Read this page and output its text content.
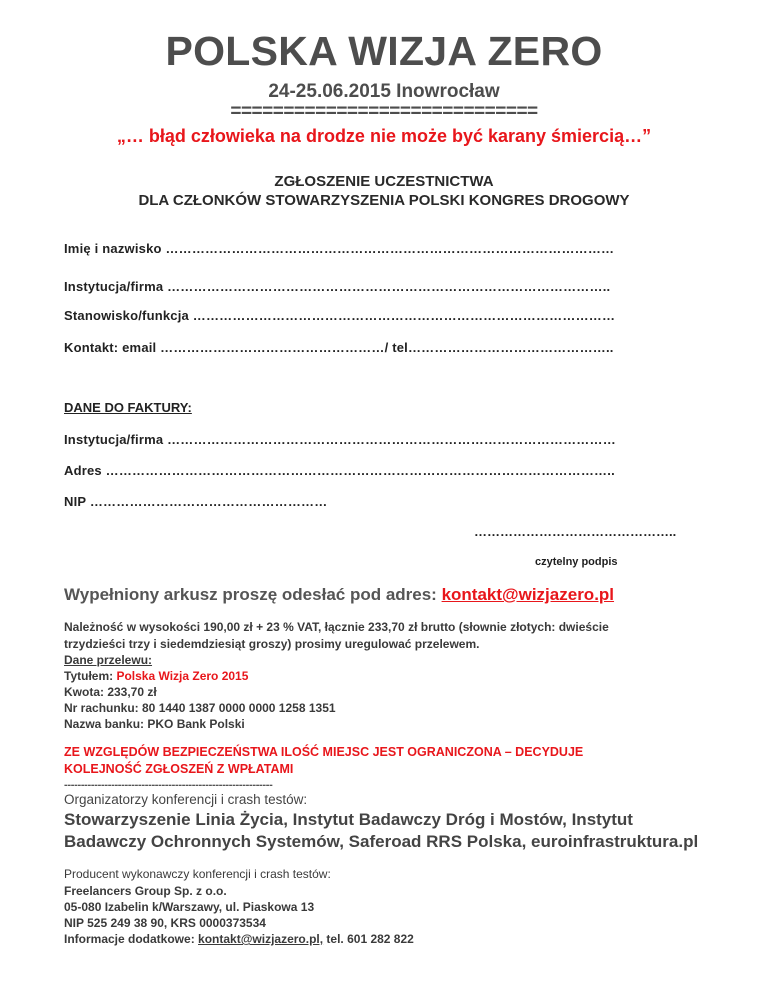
POLSKA WIZJA ZERO
24-25.06.2015 Inowrocław
=============================
„… błąd człowieka na drodze nie może być karany śmiercią…”
ZGŁOSZENIE UCZESTNICTWA
DLA CZŁONKÓW STOWARZYSZENIA POLSKI KONGRES DROGOWY
Imię i nazwisko …………………………………………………………………………………………
Instytucja/firma ………………………………………………………………………………………..
Stanowisko/funkcja ……………………………………………………………………………………
Kontakt: email ……………………………………………/ tel………………………………………..
DANE DO FAKTURY:
Instytucja/firma …………………………………………………………………………………………
Adres ……………………………………………………………………………………………………..
NIP ………………………………………………
………………………………………..
czytelny podpis
Wypełniony arkusz proszę odesłać pod adres: kontakt@wizjazero.pl
Należność w wysokości 190,00 zł + 23 % VAT, łącznie 233,70 zł brutto (słownie złotych: dwieście
trzydzieści trzy i siedemdziesiąt groszy) prosimy uregulować przelewem.
Dane przelewu:
Tytułem: Polska Wizja Zero 2015
Kwota: 233,70 zł
Nr rachunku: 80 1440 1387 0000 0000 1258 1351
Nazwa banku: PKO Bank Polski
ZE WZGLĘDÓW BEZPIECZEŃSTWA ILOŚĆ MIEJSC JEST OGRANICZONA – DECYDUJE
KOLEJNOŚĆ ZGŁOSZEŃ Z WPŁATAMI
--------------------------------------------------------------
Organizatorzy konferencji i crash testów:
Stowarzyszenie Linia Życia, Instytut Badawczy Dróg i Mostów, Instytut
Badawczy Ochronnych Systemów, Saferoad RRS Polska, euroinfrastruktura.pl
Producent wykonawczy konferencji i crash testów:
Freelancers Group Sp. z o.o.
05-080 Izabelin k/Warszawy, ul. Piaskowa 13
NIP 525 249 38 90, KRS 0000373534
Informacje dodatkowe: kontakt@wizjazero.pl, tel. 601 282 822
